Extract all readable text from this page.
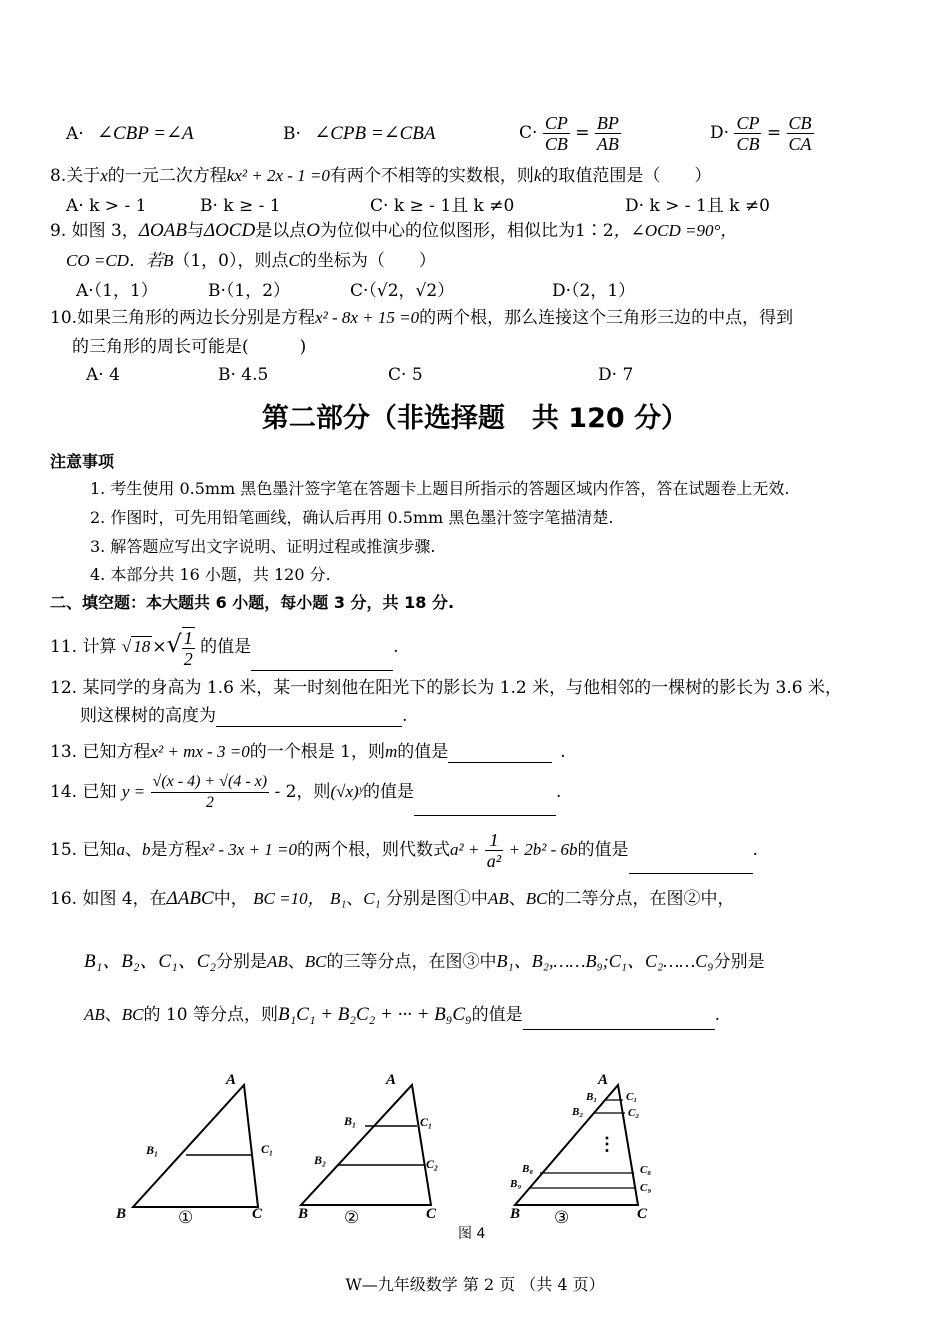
A· ∠CBP =∠A	B· ∠CPB =∠CBA	$C\cdot \frac{CP}{CB} = \frac{BP}{AB}$	$D\cdot \frac{CP}{CB} = \frac{CB}{CA}$
8.关于x的一元二次方程kx² + 2x - 1 =0有两个不相等的实数根，则k的取值范围是（　　）
A· k > - 1	B· k ≥ - 1	C· k ≥ - 1且 k ≠0	D· k > - 1且 k ≠0
9. 如图 3，ΔOAB与ΔOCD是以点O为位似中心的位似图形，相似比为1∶2，∠OCD =90°，
CO =CD．若B（1，0），则点C的坐标为（　　）
A·（1，1）	B·（1，2）	C·（√2，√2）	D·（2，1）
10.如果三角形的两边长分别是方程x² - 8x + 15 =0的两个根，那么连接这个三角形三边的中点，得到
的三角形的周长可能是(　　　)
A· 4	B· 4.5	C· 5	D· 7
第二部分（非选择题　共 120 分）
注意事项
1. 考生使用 0.5mm 黑色墨汁签字笔在答题卡上题目所指示的答题区域内作答，答在试题卷上无效.
2. 作图时，可先用铅笔画线，确认后再用 0.5mm 黑色墨汁签字笔描清楚.
3. 解答题应写出文字说明、证明过程或推演步骤.
4. 本部分共 16 小题，共 120 分.
二、填空题：本大题共 6 小题，每小题 3 分，共 18 分.
11. 计算 √ 18 ×√ $\frac{1}{2}$ 的值是	.
12. 某同学的身高为 1.6 米，某一时刻他在阳光下的影长为 1.2 米，与他相邻的一棵树的影长为 3.6 米，
则这棵树的高度为	.
13. 已知方程x² + mx - 3 =0的一个根是 1，则m的值是	.
14. 已知 $y = \frac{√(x - 4) + √(4 - x)}{2} - 2$，则(√x)ʸ的值是	.
15. 已知a、b是方程x² - 3x + 1 =0的两个根，则代数式$a^2 + \frac{1}{\text{a²}} + 2b^2 - 6b$的值是	.
16. 如图 4，在ΔABC中， BC =10， B₁、C₁ 分别是图①中AB、BC的二等分点，在图②中，
B₁、B₂、C₁、C₂分别是AB、BC的三等分点，在图③中B₁、B₂,……B₉;C₁、C₂……C₉分别是
AB、BC的 10 等分点，则B₁C₁ + B₂C₂ + ··· + B₉C₉的值是	.
A
B	C
B₁	C₁
①
A
B	C
B₁	C₁
B₂	C₂
②
A
B	C
B₁	C₁
B₂	C₂
⋮
B₈	C₈
B₉	C₉
③
图 4
W—九年级数学 第 2 页 （共 4 页）
